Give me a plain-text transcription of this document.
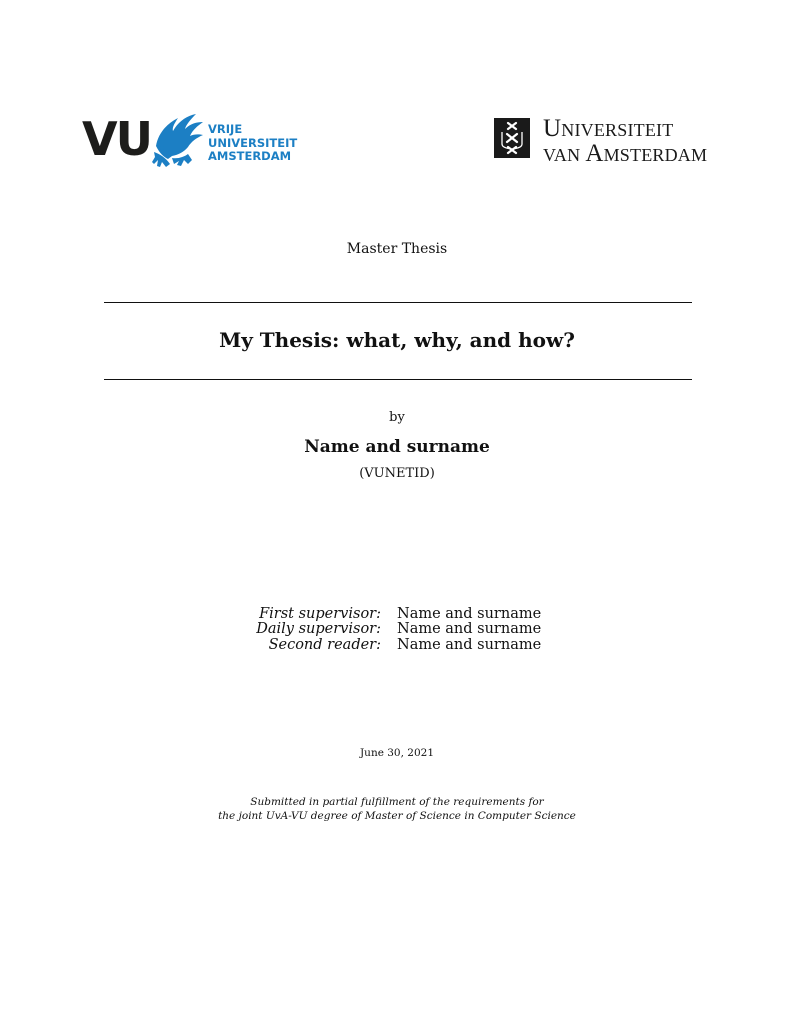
VU	VRIJE
UNIVERSITEIT
AMSTERDAM
Universiteit
van Amsterdam
Master Thesis
My Thesis: what, why, and how?
by
Name and surname
(VUNETID)
First supervisor: Name and surname
Daily supervisor: Name and surname
Second reader: Name and surname
June 30, 2021
Submitted in partial fulfillment of the requirements for
the joint UvA-VU degree of Master of Science in Computer Science
